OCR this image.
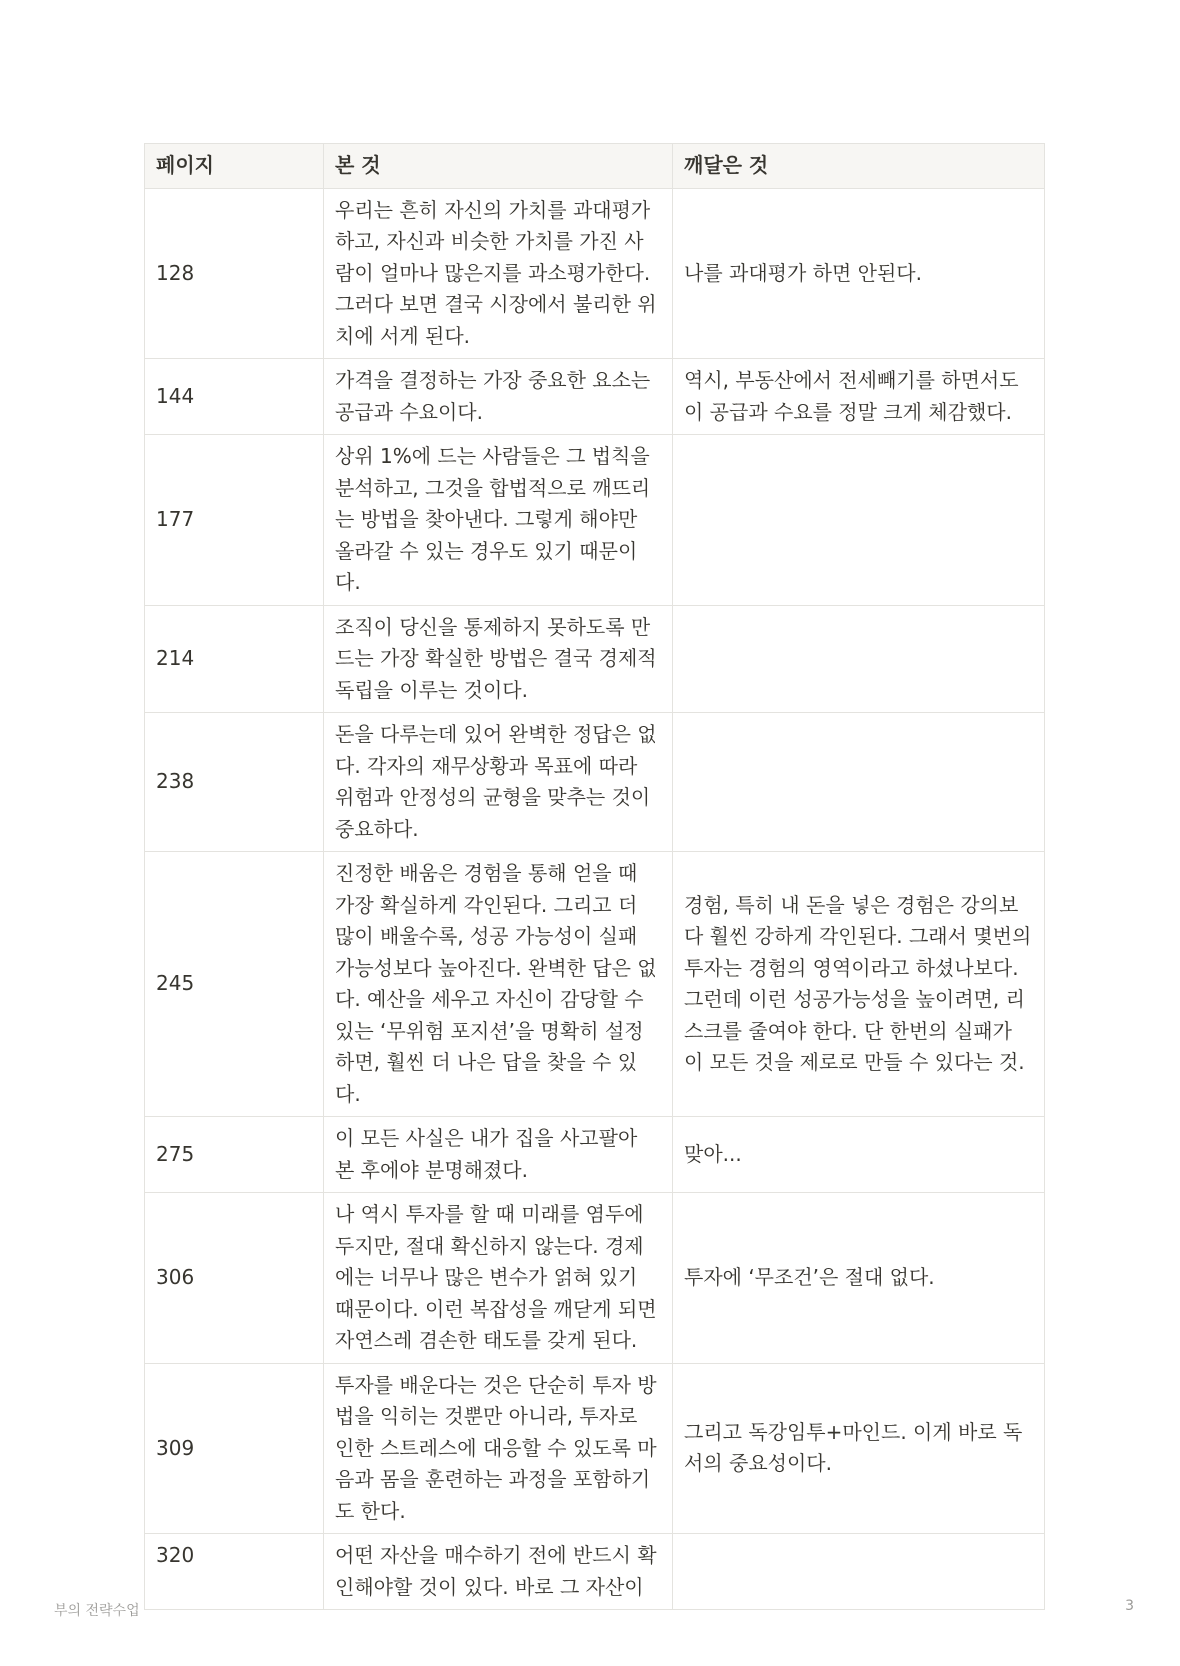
페이지	본 것	깨달은 것
128	우리는 흔히 자신의 가치를 과대평가하고, 자신과 비슷한 가치를 가진 사람이 얼마나 많은지를 과소평가한다. 그러다 보면 결국 시장에서 불리한 위치에 서게 된다.	나를 과대평가 하면 안된다.
144	가격을 결정하는 가장 중요한 요소는 공급과 수요이다.	역시, 부동산에서 전세빼기를 하면서도 이 공급과 수요를 정말 크게 체감했다.
177	상위 1%에 드는 사람들은 그 법칙을 분석하고, 그것을 합법적으로 깨뜨리는 방법을 찾아낸다. 그렇게 해야만 올라갈 수 있는 경우도 있기 때문이다.	
214	조직이 당신을 통제하지 못하도록 만드는 가장 확실한 방법은 결국 경제적 독립을 이루는 것이다.	
238	돈을 다루는데 있어 완벽한 정답은 없다. 각자의 재무상황과 목표에 따라 위험과 안정성의 균형을 맞추는 것이 중요하다.	
245	진정한 배움은 경험을 통해 얻을 때 가장 확실하게 각인된다. 그리고 더 많이 배울수록, 성공 가능성이 실패 가능성보다 높아진다. 완벽한 답은 없다. 예산을 세우고 자신이 감당할 수 있는 ‘무위험 포지션’을 명확히 설정하면, 훨씬 더 나은 답을 찾을 수 있다.	경험, 특히 내 돈을 넣은 경험은 강의보다 훨씬 강하게 각인된다. 그래서 몇번의 투자는 경험의 영역이라고 하셨나보다. 그런데 이런 성공가능성을 높이려면, 리스크를 줄여야 한다. 단 한번의 실패가 이 모든 것을 제로로 만들 수 있다는 것.
275	이 모든 사실은 내가 집을 사고팔아 본 후에야 분명해졌다.	맞아...
306	나 역시 투자를 할 때 미래를 염두에 두지만, 절대 확신하지 않는다. 경제에는 너무나 많은 변수가 얽혀 있기 때문이다. 이런 복잡성을 깨닫게 되면 자연스레 겸손한 태도를 갖게 된다.	투자에 ‘무조건’은 절대 없다.
309	투자를 배운다는 것은 단순히 투자 방법을 익히는 것뿐만 아니라, 투자로 인한 스트레스에 대응할 수 있도록 마음과 몸을 훈련하는 과정을 포함하기도 한다.	그리고 독강임투+마인드. 이게 바로 독서의 중요성이다.
320	어떤 자산을 매수하기 전에 반드시 확인해야할 것이 있다. 바로 그 자산이	
부의 전략수업	3
